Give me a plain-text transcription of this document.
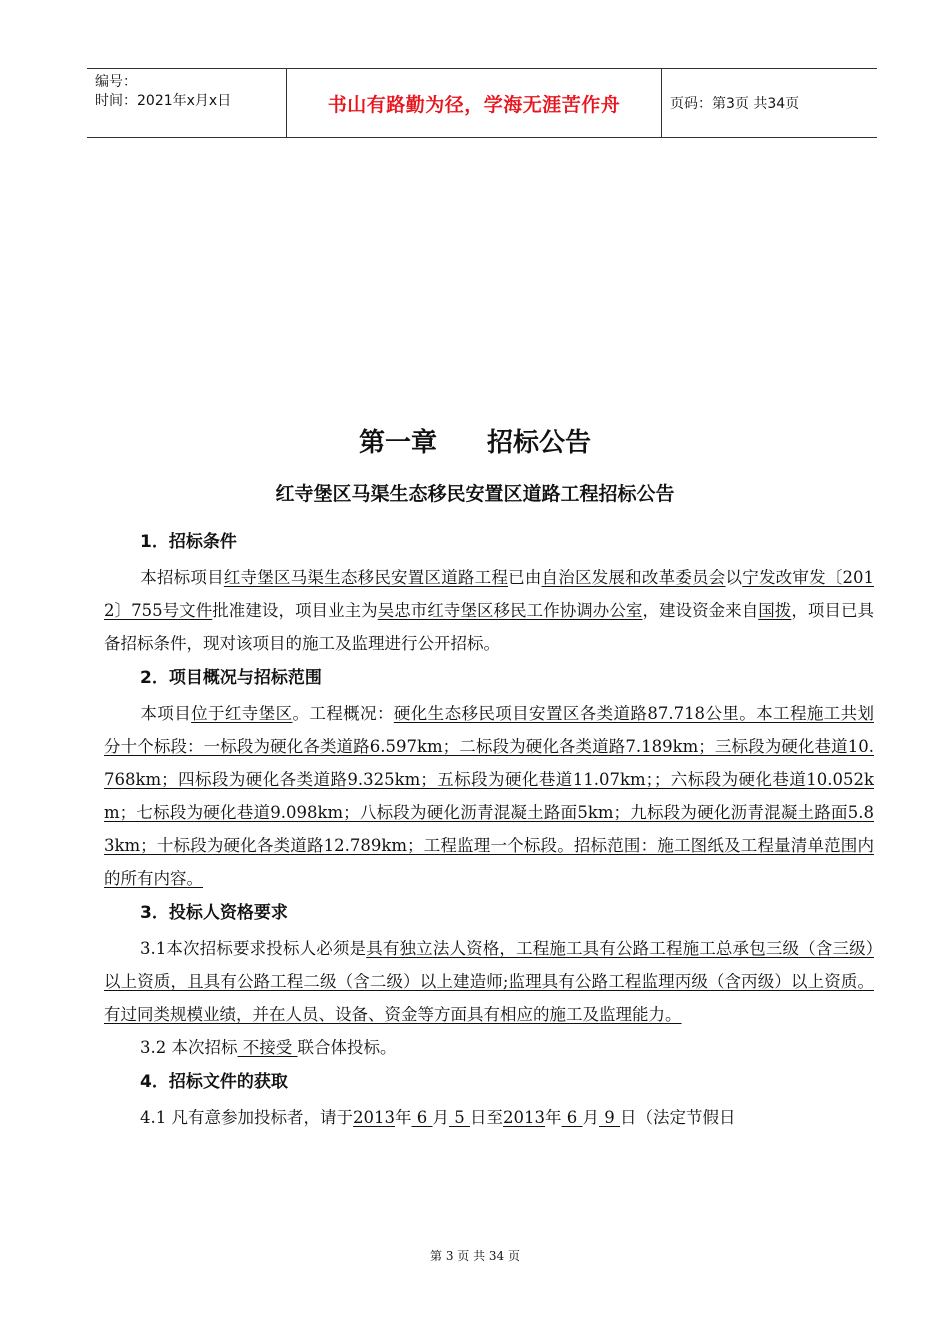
编号：
时间：2021年x月x日	书山有路勤为径，学海无涯苦作舟	页码：第3页 共34页
第一章 招标公告
红寺堡区马渠生态移民安置区道路工程招标公告
1．招标条件
本招标项目红寺堡区马渠生态移民安置区道路工程已由自治区发展和改革委员会以宁发改审发〔2012〕755号文件批准建设，项目业主为吴忠市红寺堡区移民工作协调办公室，建设资金来自国拨，项目已具备招标条件，现对该项目的施工及监理进行公开招标。
2．项目概况与招标范围
本项目位于红寺堡区。工程概况：硬化生态移民项目安置区各类道路87.718公里。本工程施工共划分十个标段：一标段为硬化各类道路6.597km；二标段为硬化各类道路7.189km；三标段为硬化巷道10.768km；四标段为硬化各类道路9.325km；五标段为硬化巷道11.07km；；六标段为硬化巷道10.052km；七标段为硬化巷道9.098km；八标段为硬化沥青混凝土路面5km；九标段为硬化沥青混凝土路面5.83km；十标段为硬化各类道路12.789km；工程监理一个标段。招标范围：施工图纸及工程量清单范围内的所有内容。
3．投标人资格要求
3.1本次招标要求投标人必须是具有独立法人资格，工程施工具有公路工程施工总承包三级（含三级）以上资质，且具有公路工程二级（含二级）以上建造师;监理具有公路工程监理丙级（含丙级）以上资质。有过同类规模业绩，并在人员、设备、资金等方面具有相应的施工及监理能力。
3.2 本次招标 不接受 联合体投标。
4．招标文件的获取
4.1 凡有意参加投标者，请于2013年 6 月 5 日至2013年 6 月 9 日（法定节假日
第 3 页 共 34 页
